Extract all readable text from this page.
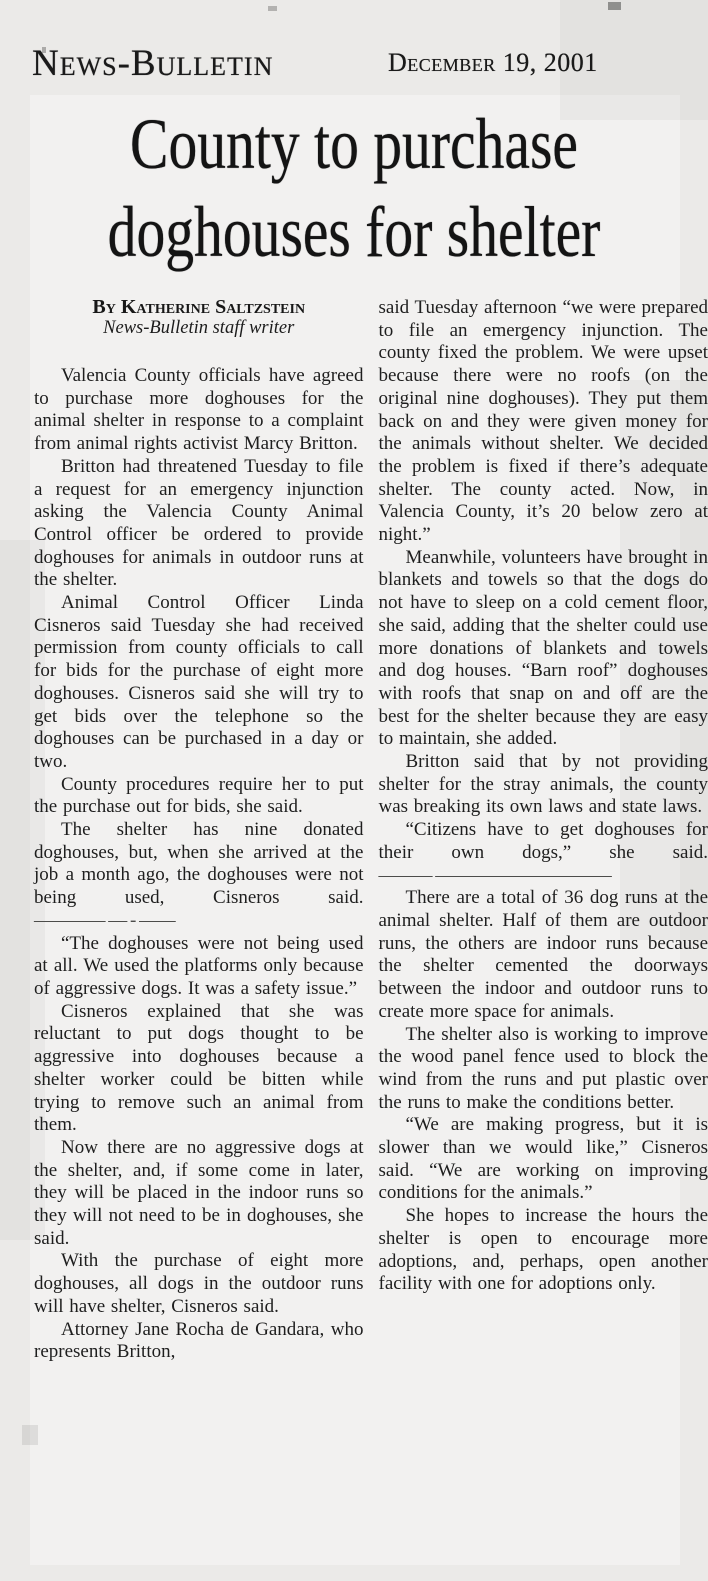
News-Bulletin	December 19, 2001
County to purchase
doghouses for shelter
By Katherine Saltzstein
News-Bulletin staff writer

Valencia County officials have agreed to purchase more doghouses for the animal shelter in response to a complaint from animal rights activist Marcy Britton.

Britton had threatened Tuesday to file a request for an emergency injunction asking the Valencia County Animal Control officer be ordered to provide doghouses for animals in outdoor runs at the shelter.

Animal Control Officer Linda Cisneros said Tuesday she had received permission from county officials to call for bids for the purchase of eight more doghouses. Cisneros said she will try to get bids over the telephone so the doghouses can be purchased in a day or two.

County procedures require her to put the purchase out for bids, she said.

The shelter has nine donated doghouses, but, when she arrived at the job a month ago, the doghouses were not being used, Cisneros said.———— — - ——

“The doghouses were not being used at all. We used the platforms only because of aggressive dogs. It was a safety issue.”

Cisneros explained that she was reluctant to put dogs thought to be aggressive into doghouses because a shelter worker could be bitten while trying to remove such an animal from them.

Now there are no aggressive dogs at the shelter, and, if some come in later, they will be placed in the indoor runs so they will not need to be in doghouses, she said.

With the purchase of eight more doghouses, all dogs in the outdoor runs will have shelter, Cisneros said.

Attorney Jane Rocha de Gandara, who represents Britton,

said Tuesday afternoon “we were prepared to file an emergency injunction. The county fixed the problem. We were upset because there were no roofs (on the original nine doghouses). They put them back on and they were given money for the animals without shelter. We decided the problem is fixed if there’s adequate shelter. The county acted. Now, in Valencia County, it’s 20 below zero at night.”

Meanwhile, volunteers have brought in blankets and towels so that the dogs do not have to sleep on a cold cement floor, she said, adding that the shelter could use more donations of blankets and towels and dog houses. “Barn roof” doghouses with roofs that snap on and off are the best for the shelter because they are easy to maintain, she added.

Britton said that by not providing shelter for the stray animals, the county was breaking its own laws and state laws.

“Citizens have to get doghouses for their own dogs,” she said.——— ——————————

There are a total of 36 dog runs at the animal shelter. Half of them are outdoor runs, the others are indoor runs because the shelter cemented the doorways between the indoor and outdoor runs to create more space for animals.

The shelter also is working to improve the wood panel fence used to block the wind from the runs and put plastic over the runs to make the conditions better.

“We are making progress, but it is slower than we would like,” Cisneros said. “We are working on improving conditions for the animals.”

She hopes to increase the hours the shelter is open to encourage more adoptions, and, perhaps, open another facility with one for adoptions only.
